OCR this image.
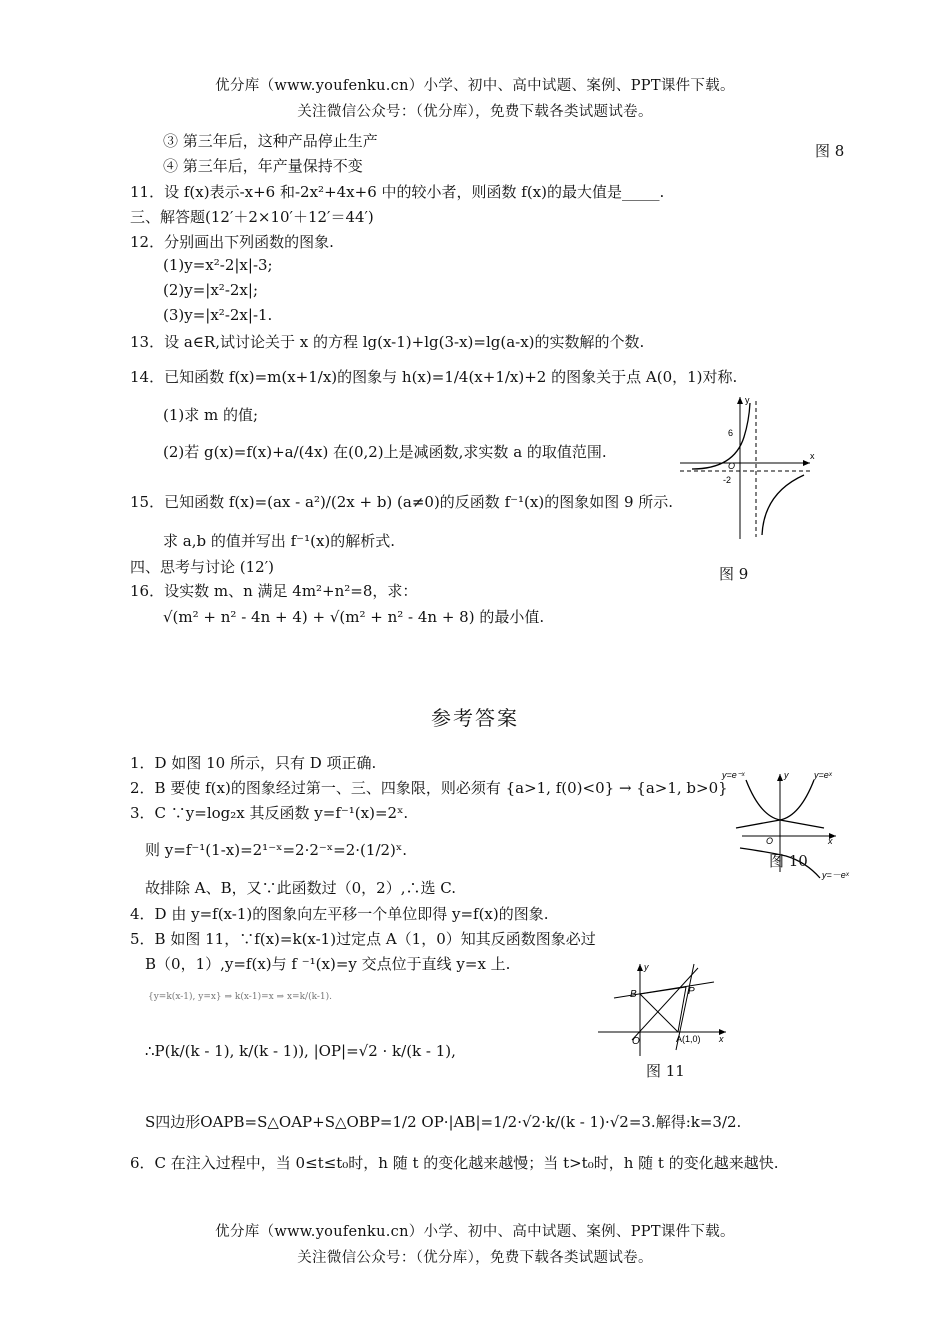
优分库（www.youfenku.cn）小学、初中、高中试题、案例、PPT课件下载。
关注微信公众号：（优分库），免费下载各类试题试卷。
③ 第三年后，这种产品停止生产
④ 第三年后，年产量保持不变
图 8
11．设 f(x)表示-x+6 和-2x²+4x+6 中的较小者，则函数 f(x)的最大值是_____.
三、解答题(12′＋2×10′＋12′＝44′)
12．分别画出下列函数的图象.
(1)y=x²-2|x|-3;
(2)y=|x²-2x|;
(3)y=|x²-2x|-1.
13．设 a∈R,试讨论关于 x 的方程 lg(x-1)+lg(3-x)=lg(a-x)的实数解的个数.
14．已知函数 f(x)=m(x+1/x)的图象与 h(x)=1/4(x+1/x)+2 的图象关于点 A(0，1)对称.
(1)求 m 的值;
(2)若 g(x)=f(x)+a/(4x) 在(0,2)上是减函数,求实数 a 的取值范围.
15．已知函数 f(x)=(ax - a²)/(2x + b) (a≠0)的反函数 f⁻¹(x)的图象如图 9 所示.
求 a,b 的值并写出 f⁻¹(x)的解析式.
四、思考与讨论 (12′)
16．设实数 m、n 满足 4m²+n²=8，求：
√(m² + n² - 4n + 4) + √(m² + n² - 4n + 8) 的最小值.
y
x
6
O
-2
图 9
参考答案
1．D 如图 10 所示，只有 D 项正确.
2．B 要使 f(x)的图象经过第一、三、四象限，则必须有 {a>1, f(0)<0} → {a>1, b>0}
3．C ∵y=log₂x 其反函数 y=f⁻¹(x)=2ˣ.
则 y=f⁻¹(1-x)=2¹⁻ˣ=2·2⁻ˣ=2·(1/2)ˣ.
故排除 A、B，又∵此函数过（0，2）,∴选 C.
y=e⁻ˣ	y=eˣ
y
x
O
y=－eˣ
图 10
4．D 由 y=f(x-1)的图象向左平移一个单位即得 y=f(x)的图象.
5．B 如图 11，∵f(x)=k(x-1)过定点 A（1，0）知其反函数图象必过
B（0，1）,y=f(x)与 f ⁻¹(x)=y 交点位于直线 y=x 上.
{y=k(x-1), y=x} ⇒ k(x-1)=x ⇒ x=k/(k-1).
∴P(k/(k - 1), k/(k - 1)), |OP|=√2 · k/(k - 1),
S四边形OAPB=S△OAP+S△OBP=1/2 OP·|AB|=1/2·√2·k/(k - 1)·√2=3.解得:k=3/2.
6．C 在注入过程中，当 0≤t≤t₀时，h 随 t 的变化越来越慢；当 t>t₀时，h 随 t 的变化越来越快.
y
x
B	P
O	A(1,0)
图 11
优分库（www.youfenku.cn）小学、初中、高中试题、案例、PPT课件下载。
关注微信公众号：（优分库），免费下载各类试题试卷。
